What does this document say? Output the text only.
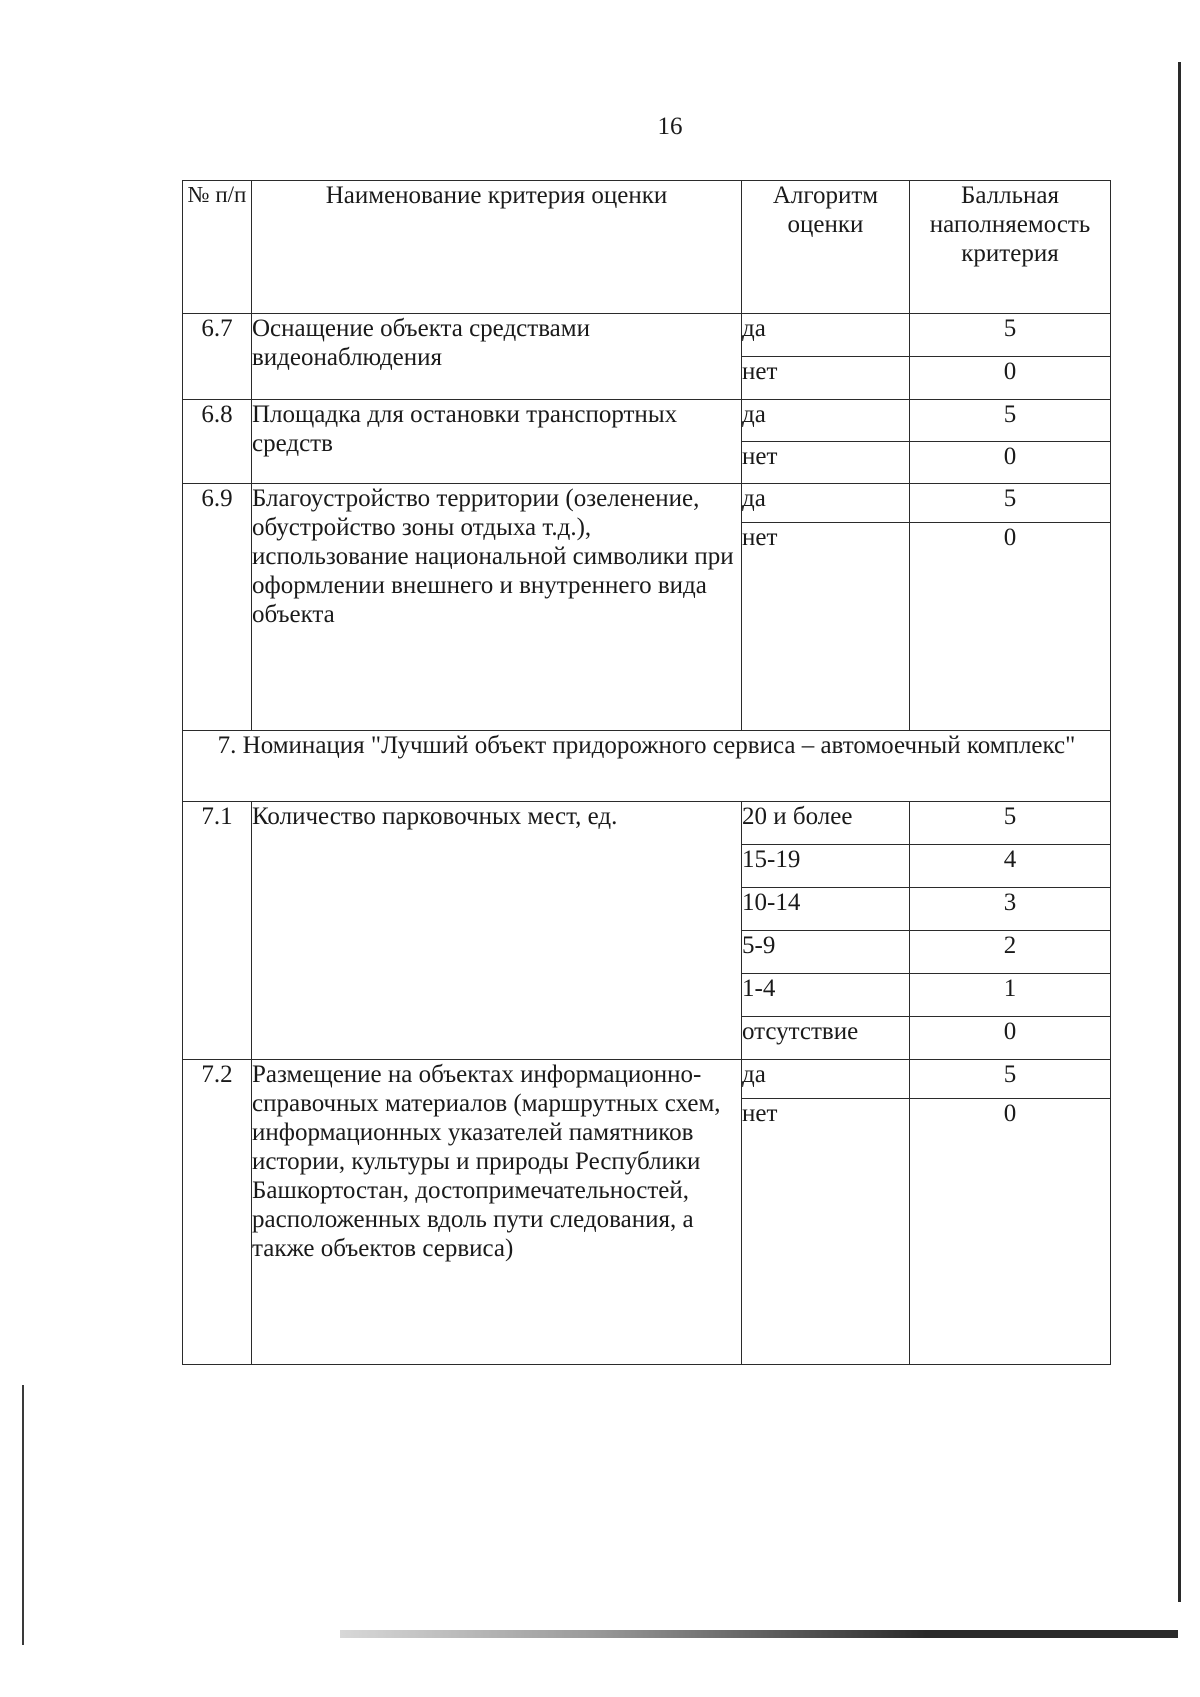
16
№ п/п	Наименование критерия оценки	Алгоритм оценки	Балльная наполняемость критерия
6.7	Оснащение объекта средствами видеонаблюдения	да	5
		нет	0
6.8	Площадка для остановки транспортных средств	да	5
		нет	0
6.9	Благоустройство территории (озеленение, обустройство зоны отдыха т.д.), использование национальной символики при оформлении внешнего и внутреннего вида объекта	да	5
		нет	0
7. Номинация "Лучший объект придорожного сервиса – автомоечный комплекс"			
7.1	Количество парковочных мест, ед.	20 и более	5
		15-19	4
		10-14	3
		5-9	2
		1-4	1
		отсутствие	0
7.2	Размещение на объектах информационно-справочных материалов (маршрутных схем, информационных указателей памятников истории, культуры и природы Республики Башкортостан, достопримечательностей, расположенных вдоль пути следования, а также объектов сервиса)	да	5
		нет	0
